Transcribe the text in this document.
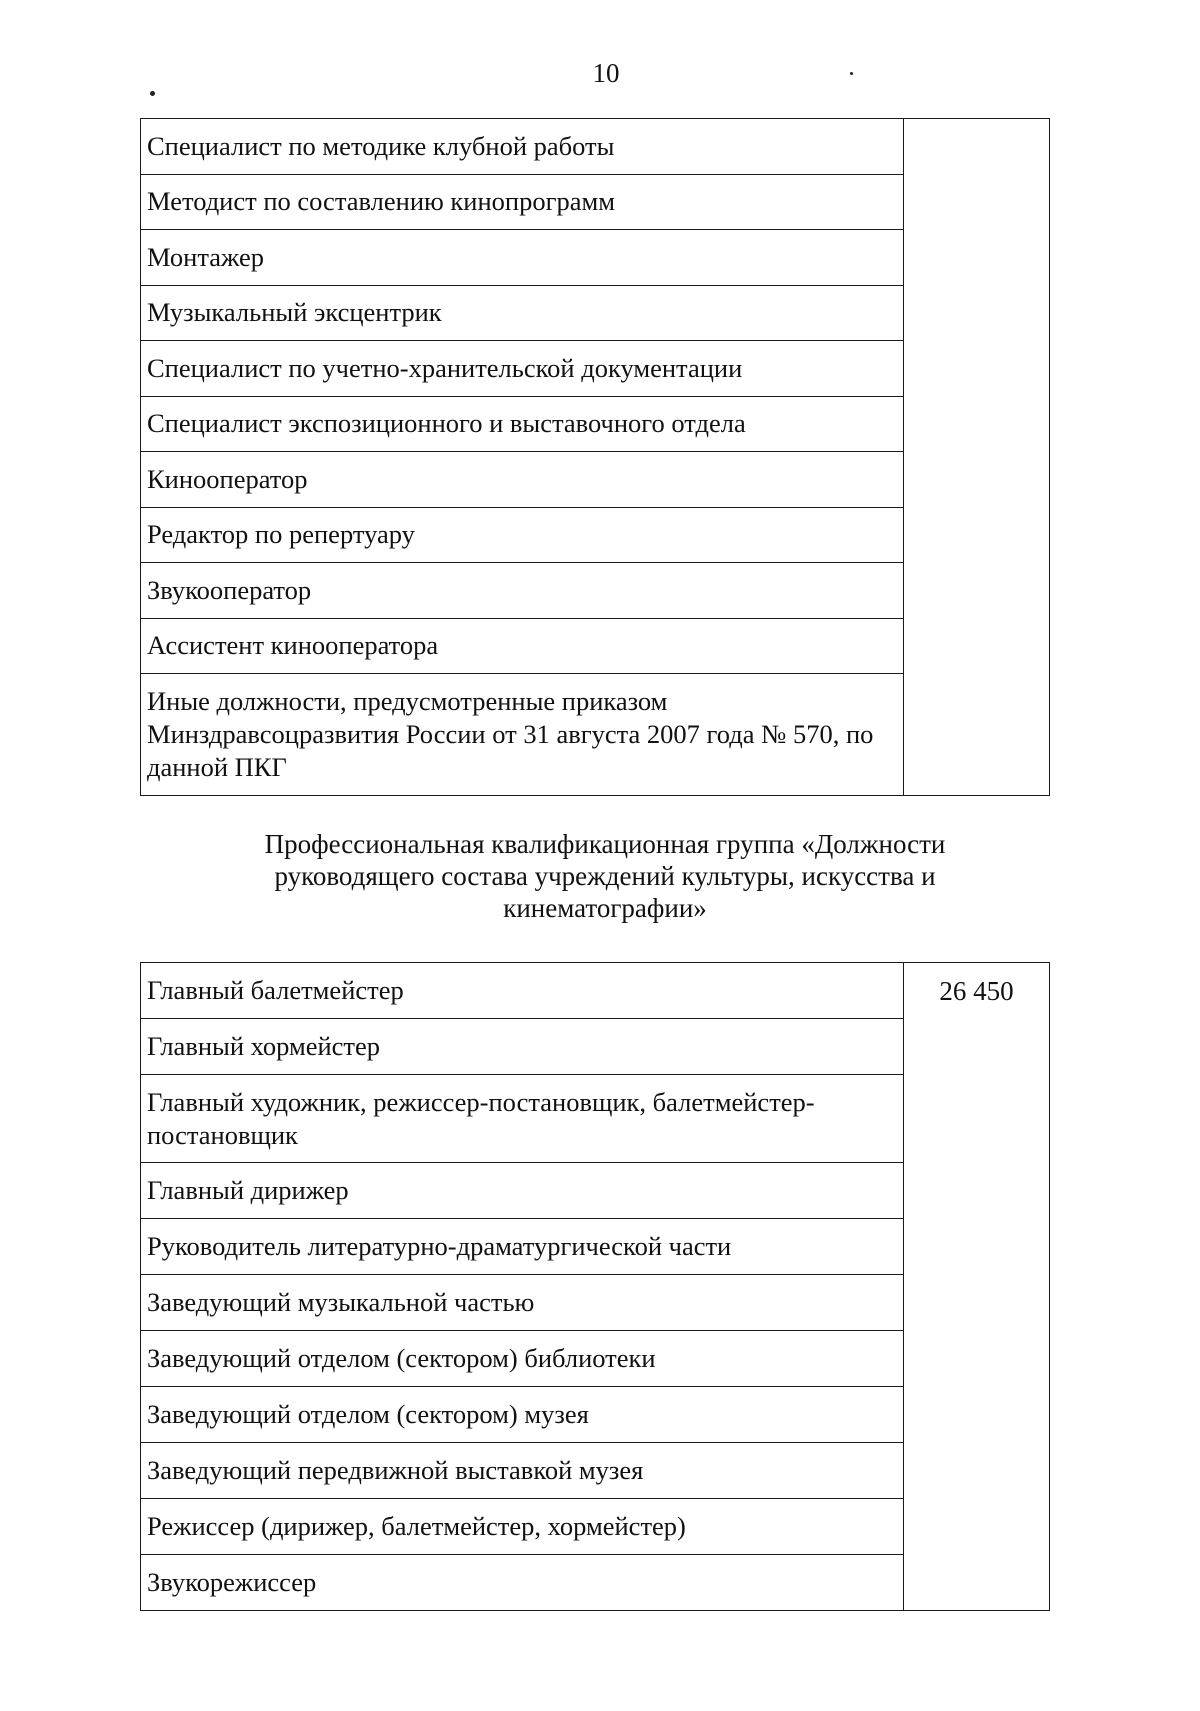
10
Специалист по методике клубной работы	
Методист по составлению кинопрограмм
Монтажер
Музыкальный эксцентрик
Специалист по учетно-хранительской документации
Специалист экспозиционного и выставочного отдела
Кинооператор
Редактор по репертуару
Звукооператор
Ассистент кинооператора
Иные должности, предусмотренные приказом Минздравсоцразвития России от 31 августа 2007 года № 570, по данной ПКГ
Профессиональная квалификационная группа «Должности руководящего состава учреждений культуры, искусства и кинематографии»
Главный балетмейстер	26 450

Главный хормейстер
Главный художник, режиссер-постановщик, балетмейстер-постановщик
Главный дирижер
Руководитель литературно-драматургической части
Заведующий музыкальной частью
Заведующий отделом (сектором) библиотеки
Заведующий отделом (сектором) музея
Заведующий передвижной выставкой музея
Режиссер (дирижер, балетмейстер, хормейстер)
Звукорежиссер
